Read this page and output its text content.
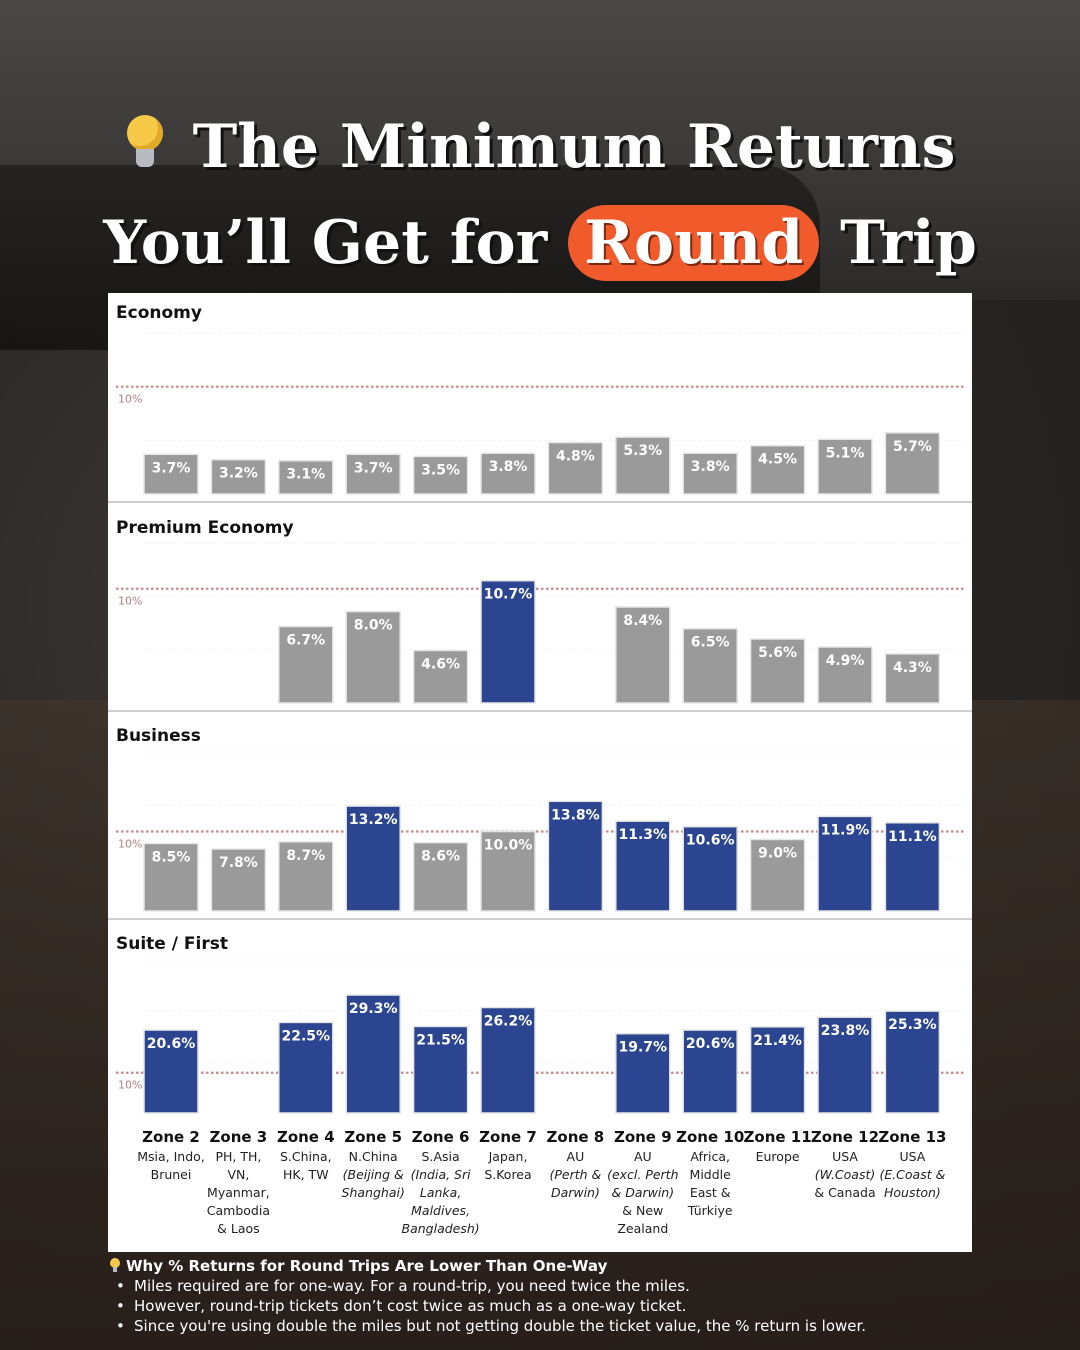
The Minimum Returns
You’ll Get for Round Trip
Economy
10%
3.7% 3.2% 3.1% 3.7% 3.5% 3.8%
4.8% 5.3%
3.8% 4.5% 5.1% 5.7%
Premium Economy
10%
6.7%
8.0%
4.6%
10.7%
8.4%
6.5%
5.6% 4.9% 4.3%
Business
10%
8.5% 7.8% 8.7%
13.2%
8.6%
10.0%
13.8%
11.3% 10.6%
9.0%
11.9% 11.1%
Suite / First
10%
20.6%	22.5%
29.3%
21.5%
26.2%
19.7% 20.6% 21.4%
23.8% 25.3%
Zone 2
Msia, Indo,
Brunei
Zone 3
PH, TH,
VN,
Myanmar,
Cambodia
& Laos
Zone 4
S.China,
HK, TW
Zone 5
N.China
(Beijing &
Shanghai)
Zone 6
S.Asia
(India, Sri
Lanka,
Maldives,
Bangladesh)
Zone 7
Japan,
S.Korea
Zone 8
AU
(Perth &
Darwin)
Zone 9
AU
(excl. Perth
& Darwin)
& New
Zealand
Zone 10
Africa,
Middle
East &
Türkiye
Zone 11
Europe
Zone 12
USA
(W.Coast)
& Canada
Zone 13
USA
(E.Coast &
Houston)
Why % Returns for Round Trips Are Lower Than One-Way
• Miles required are for one-way. For a round-trip, you need twice the miles.
• However, round-trip tickets don’t cost twice as much as a one-way ticket.
• Since you're using double the miles but not getting double the ticket value, the % return is lower.
